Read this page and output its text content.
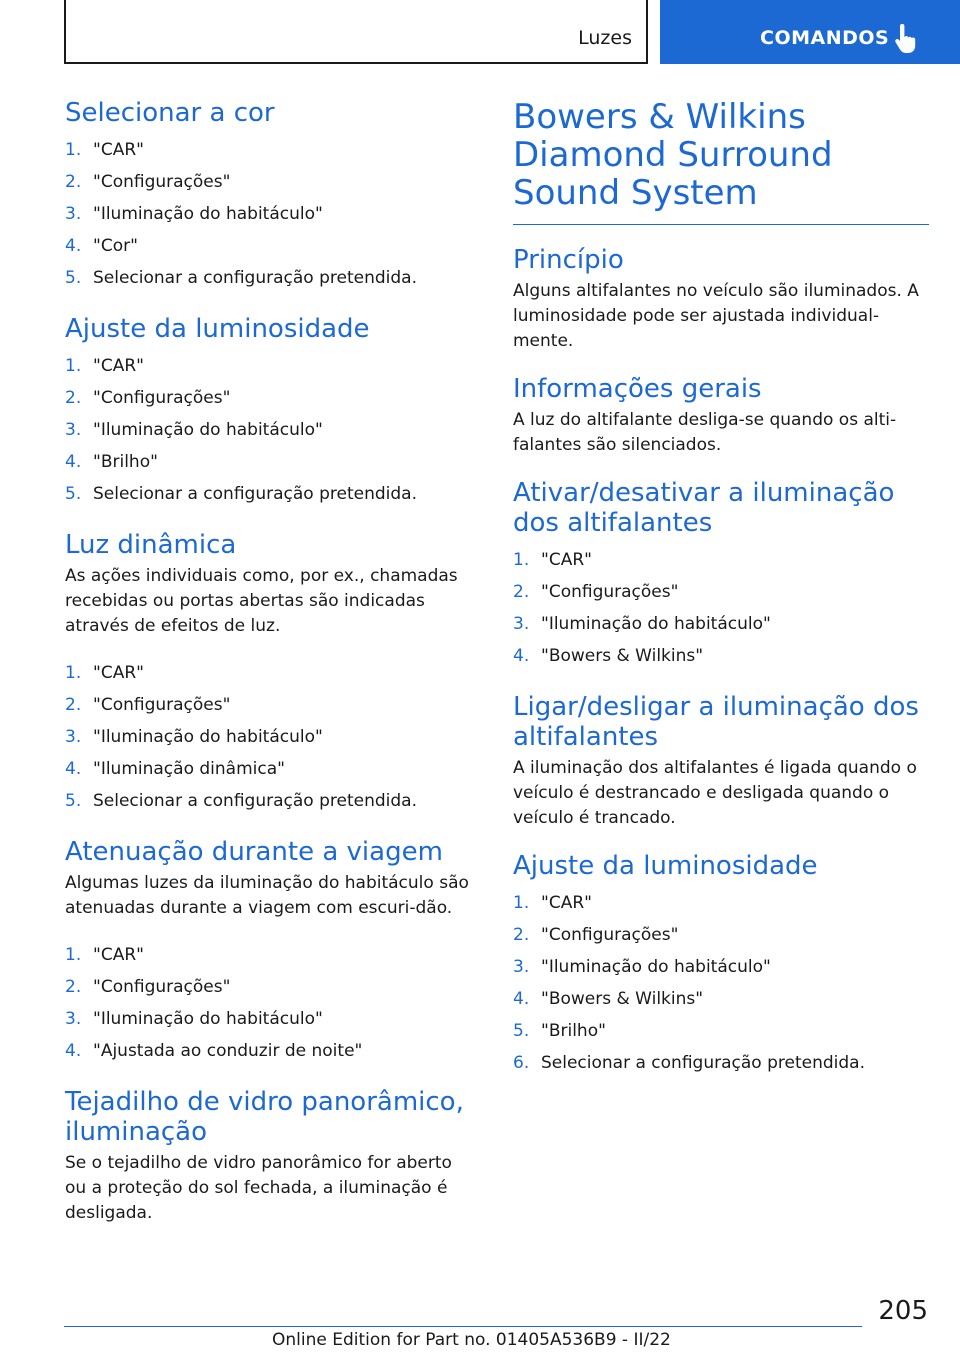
Luzes	COMANDOS
Selecionar a cor
1. "CAR"
2. "Configurações"
3. "Iluminação do habitáculo"
4. "Cor"
5. Selecionar a configuração pretendida.
Ajuste da luminosidade
1. "CAR"
2. "Configurações"
3. "Iluminação do habitáculo"
4. "Brilho"
5. Selecionar a configuração pretendida.
Luz dinâmica

As ações individuais como, por ex., chamadas recebidas ou portas abertas são indicadas através de efeitos de luz.

1. "CAR"
2. "Configurações"
3. "Iluminação do habitáculo"
4. "Iluminação dinâmica"
5. Selecionar a configuração pretendida.
Atenuação durante a viagem

Algumas luzes da iluminação do habitáculo são atenuadas durante a viagem com escuri‐dão.

1. "CAR"
2. "Configurações"
3. "Iluminação do habitáculo"
4. "Ajustada ao conduzir de noite"
Tejadilho de vidro panorâmico, iluminação

Se o tejadilho de vidro panorâmico for aberto ou a proteção do sol fechada, a iluminação é desligada.

Bowers & Wilkins Diamond Surround Sound System
Princípio

Alguns altifalantes no veículo são iluminados. A luminosidade pode ser ajustada individual‐mente.

Informações gerais

A luz do altifalante desliga-se quando os alti‐falantes são silenciados.

Ativar/desativar a iluminação dos altifalantes
1. "CAR"
2. "Configurações"
3. "Iluminação do habitáculo"
4. "Bowers & Wilkins"
Ligar/desligar a iluminação dos altifalantes

A iluminação dos altifalantes é ligada quando o veículo é destrancado e desligada quando o veículo é trancado.

Ajuste da luminosidade
1. "CAR"
2. "Configurações"
3. "Iluminação do habitáculo"
4. "Bowers & Wilkins"
5. "Brilho"
6. Selecionar a configuração pretendida.
205
Online Edition for Part no. 01405A536B9 - II/22
